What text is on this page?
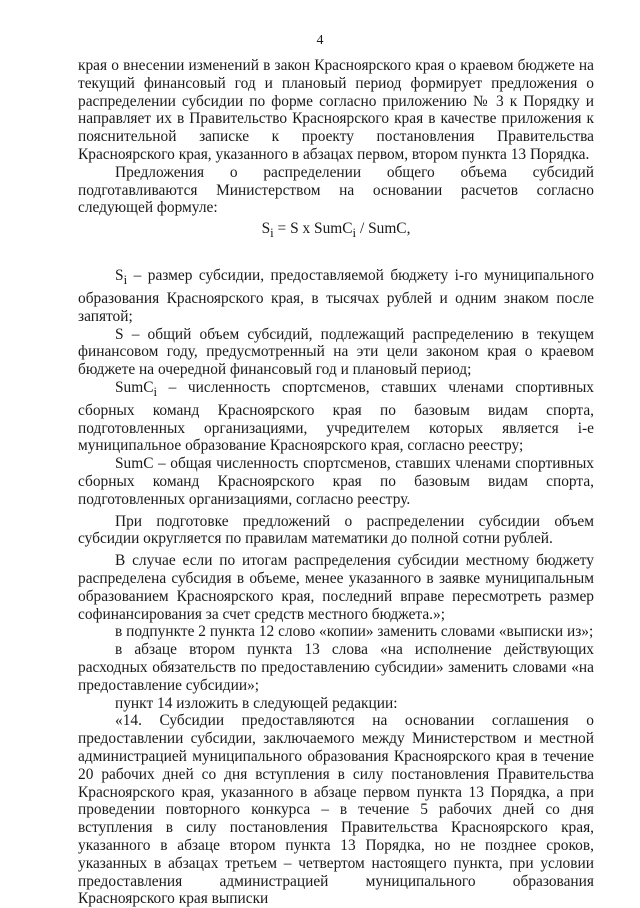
4

края о внесении изменений в закон Красноярского края о краевом бюджете на текущий финансовый год и плановый период формирует предложения о распределении субсидии по форме согласно приложению № 3 к Порядку и направляет их в Правительство Красноярского края в качестве приложения к пояснительной записке к проекту постановления Правительства Красноярского края, указанного в абзацах первом, втором пункта 13 Порядка.

Предложения о распределении общего объема субсидий подготавливаются Министерством на основании расчетов согласно следующей формуле:

$S_i = S$ x SumC$_i$ / SumC,

$S_i$ – размер субсидии, предоставляемой бюджету i-го муниципального образования Красноярского края, в тысячах рублей и одним знаком после запятой;

S – общий объем субсидий, подлежащий распределению в текущем финансовом году, предусмотренный на эти цели законом края о краевом бюджете на очередной финансовый год и плановый период;

SumC$_i$ – численность спортсменов, ставших членами спортивных сборных команд Красноярского края по базовым видам спорта, подготовленных организациями, учредителем которых является i-е муниципальное образование Красноярского края, согласно реестру;

SumC – общая численность спортсменов, ставших членами спортивных сборных команд Красноярского края по базовым видам спорта, подготовленных организациями, согласно реестру.

При подготовке предложений о распределении субсидии объем субсидии округляется по правилам математики до полной сотни рублей.

В случае если по итогам распределения субсидии местному бюджету распределена субсидия в объеме, менее указанного в заявке муниципальным образованием Красноярского края, последний вправе пересмотреть размер софинансирования за счет средств местного бюджета.»;

в подпункте 2 пункта 12 слово «копии» заменить словами «выписки из»;

в абзаце втором пункта 13 слова «на исполнение действующих расходных обязательств по предоставлению субсидии» заменить словами «на предоставление субсидии»;

пункт 14 изложить в следующей редакции:

«14. Субсидии предоставляются на основании соглашения о предоставлении субсидии, заключаемого между Министерством и местной администрацией муниципального образования Красноярского края в течение 20 рабочих дней со дня вступления в силу постановления Правительства Красноярского края, указанного в абзаце первом пункта 13 Порядка, а при проведении повторного конкурса – в течение 5 рабочих дней со дня вступления в силу постановления Правительства Красноярского края, указанного в абзаце втором пункта 13 Порядка, но не позднее сроков, указанных в абзацах третьем – четвертом настоящего пункта, при условии предоставления администрацией муниципального образования Красноярского края выписки
